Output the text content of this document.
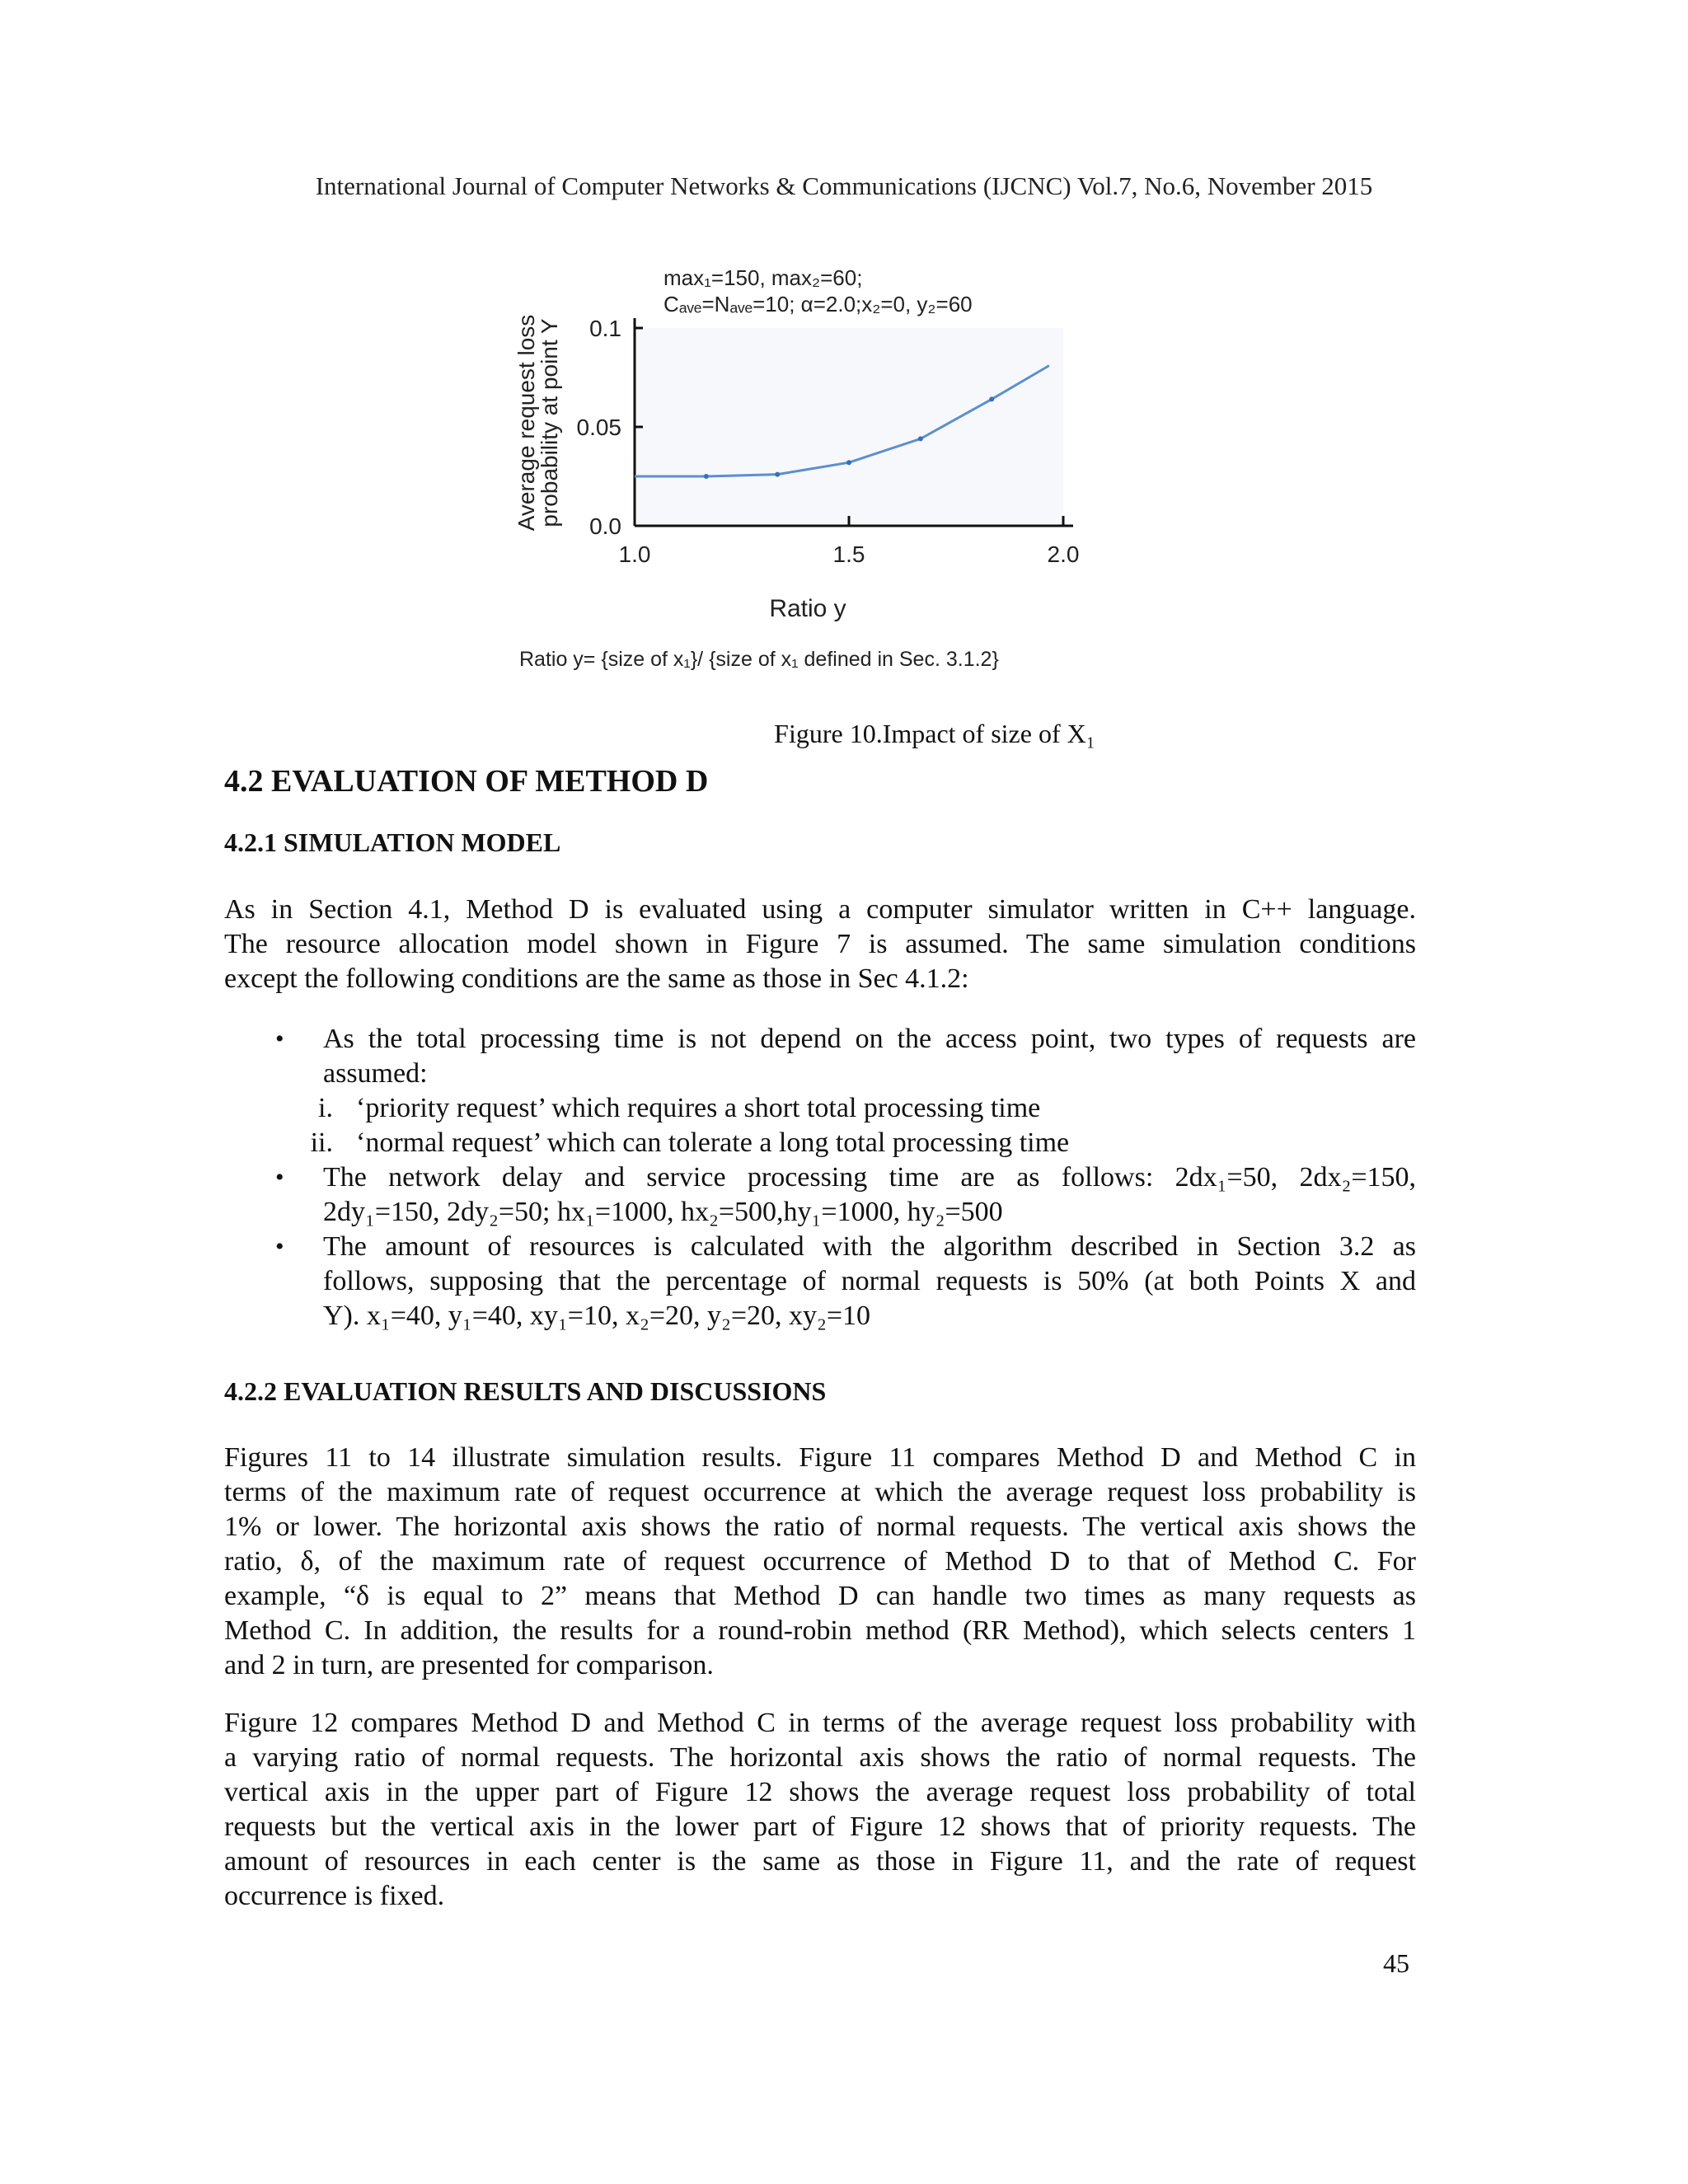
International Journal of Computer Networks & Communications (IJCNC) Vol.7, No.6, November 2015
max₁=150, max₂=60;
Cₐᵥₑ=Nₐᵥₑ=10; α=2.0;x₂=0, y₂=60
Average request loss
probability at point Y 0.0
0.05
0.1
1.0	1.5	2.0
Ratio y
Ratio y= {size of x₁}/ {size of x₁ defined in Sec. 3.1.2}
Figure 10.Impact of size of X₁
4.2 EVALUATION OF METHOD D
4.2.1 SIMULATION MODEL
As in Section 4.1, Method D is evaluated using a computer simulator written in C++ language.
The resource allocation model shown in Figure 7 is assumed. The same simulation conditions
except the following conditions are the same as those in Sec 4.1.2:
• As the total processing time is not depend on the access point, two types of requests are
assumed:
i. ‘priority request’ which requires a short total processing time
ii. ‘normal request’ which can tolerate a long total processing time
• The network delay and service processing time are as follows: 2dx₁=50, 2dx₂=150,
2dy₁=150, 2dy₂=50; hx₁=1000, hx₂=500,hy₁=1000, hy₂=500
• The amount of resources is calculated with the algorithm described in Section 3.2 as
follows, supposing that the percentage of normal requests is 50% (at both Points X and
Y). x₁=40, y₁=40, xy₁=10, x₂=20, y₂=20, xy₂=10
4.2.2 EVALUATION RESULTS AND DISCUSSIONS
Figures 11 to 14 illustrate simulation results. Figure 11 compares Method D and Method C in
terms of the maximum rate of request occurrence at which the average request loss probability is
1% or lower. The horizontal axis shows the ratio of normal requests. The vertical axis shows the
ratio, δ, of the maximum rate of request occurrence of Method D to that of Method C. For
example, “δ is equal to 2” means that Method D can handle two times as many requests as
Method C. In addition, the results for a round-robin method (RR Method), which selects centers 1
and 2 in turn, are presented for comparison.
Figure 12 compares Method D and Method C in terms of the average request loss probability with
a varying ratio of normal requests. The horizontal axis shows the ratio of normal requests. The
vertical axis in the upper part of Figure 12 shows the average request loss probability of total
requests but the vertical axis in the lower part of Figure 12 shows that of priority requests. The
amount of resources in each center is the same as those in Figure 11, and the rate of request
occurrence is fixed.
45
